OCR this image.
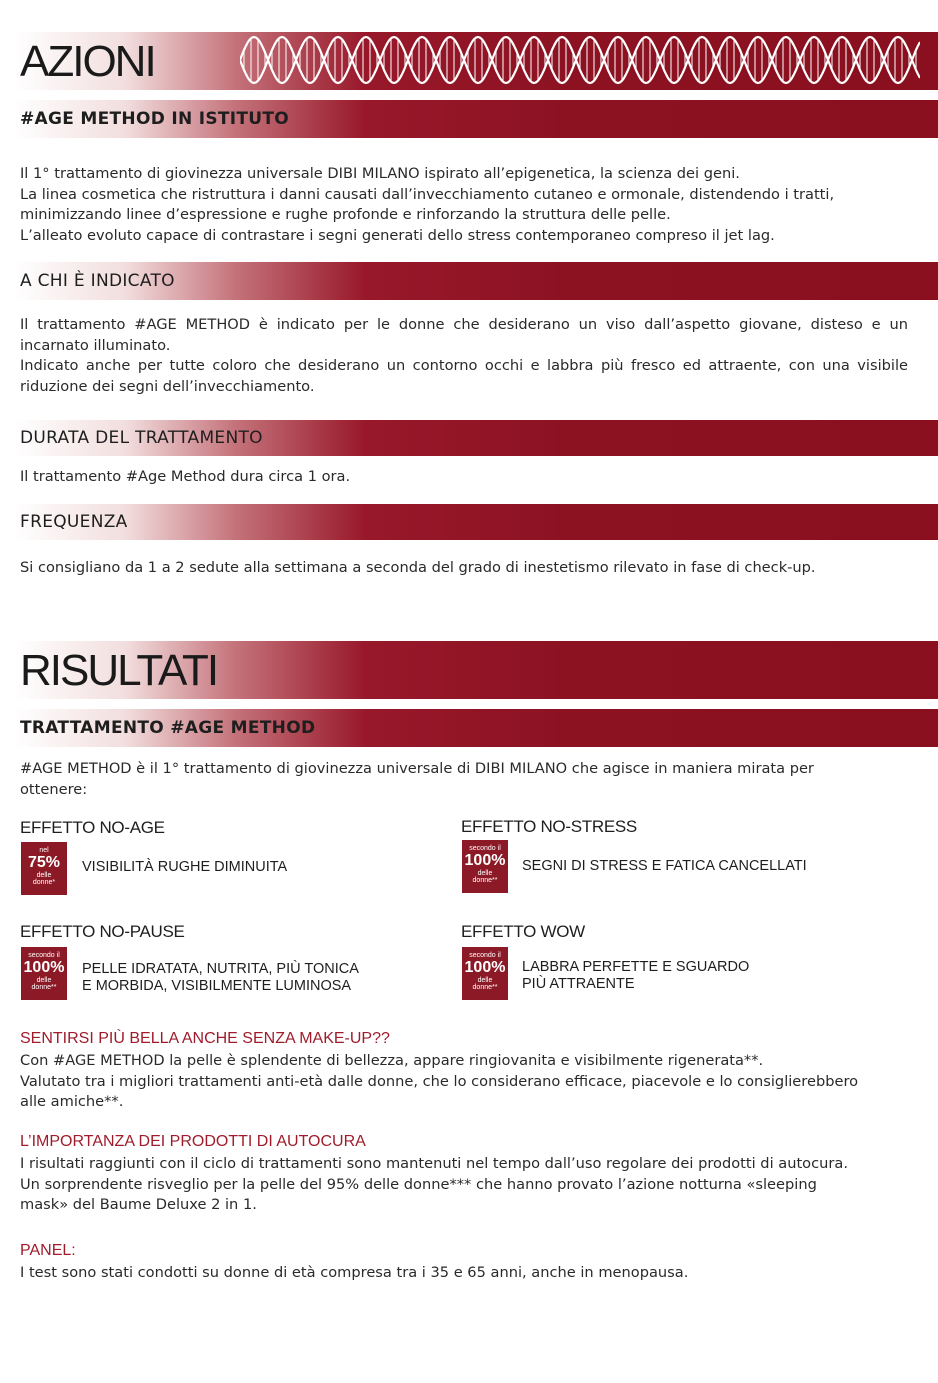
AZIONI
#AGE METHOD IN ISTITUTO

Il 1° trattamento di giovinezza universale DIBI MILANO ispirato all’epigenetica, la scienza dei geni.

La linea cosmetica che ristruttura i danni causati dall’invecchiamento cutaneo e ormonale, distendendo i tratti, minimizzando linee d’espressione e rughe profonde e rinforzando la struttura delle pelle.

L’alleato evoluto capace di contrastare i segni generati dello stress contemporaneo compreso il jet lag.

A CHI È INDICATO

Il trattamento #AGE METHOD è indicato per le donne che desiderano un viso dall’aspetto giovane, disteso e un incarnato illuminato.

Indicato anche per tutte coloro che desiderano un contorno occhi e labbra più fresco ed attraente, con una visibile riduzione dei segni dell’invecchiamento.

DURATA DEL TRATTAMENTO
Il trattamento #Age Method dura circa 1 ora.
FREQUENZA
Si consigliano da 1 a 2 sedute alla settimana a seconda del grado di inestetismo rilevato in fase di check-up.
RISULTATI
TRATTAMENTO #AGE METHOD
#AGE METHOD è il 1° trattamento di giovinezza universale di DIBI MILANO che agisce in maniera mirata per ottenere:
EFFETTO NO-AGE
nel
75%
delle
donne*
VISIBILITÀ RUGHE DIMINUITA
EFFETTO NO-STRESS
secondo il
100%
delle
donne**
SEGNI DI STRESS E FATICA CANCELLATI
EFFETTO NO-PAUSE
secondo il
100%
delle
donne**
PELLE IDRATATA, NUTRITA, PIÙ TONICA
E MORBIDA, VISIBILMENTE LUMINOSA
EFFETTO WOW
secondo il
100%
delle
donne**
LABBRA PERFETTE E SGUARDO
PIÙ ATTRAENTE
SENTIRSI PIÙ BELLA ANCHE SENZA MAKE-UP??

Con #AGE METHOD la pelle è splendente di bellezza, appare ringiovanita e visibilmente rigenerata**.

Valutato tra i migliori trattamenti anti-età dalle donne, che lo considerano efficace, piacevole e lo consiglierebbero alle amiche**.

L’IMPORTANZA DEI PRODOTTI DI AUTOCURA

I risultati raggiunti con il ciclo di trattamenti sono mantenuti nel tempo dall’uso regolare dei prodotti di autocura.

Un sorprendente risveglio per la pelle del 95% delle donne*** che hanno provato l’azione notturna «sleeping mask» del Baume Deluxe 2 in 1.

PANEL:
I test sono stati condotti su donne di età compresa tra i 35 e 65 anni, anche in menopausa.
